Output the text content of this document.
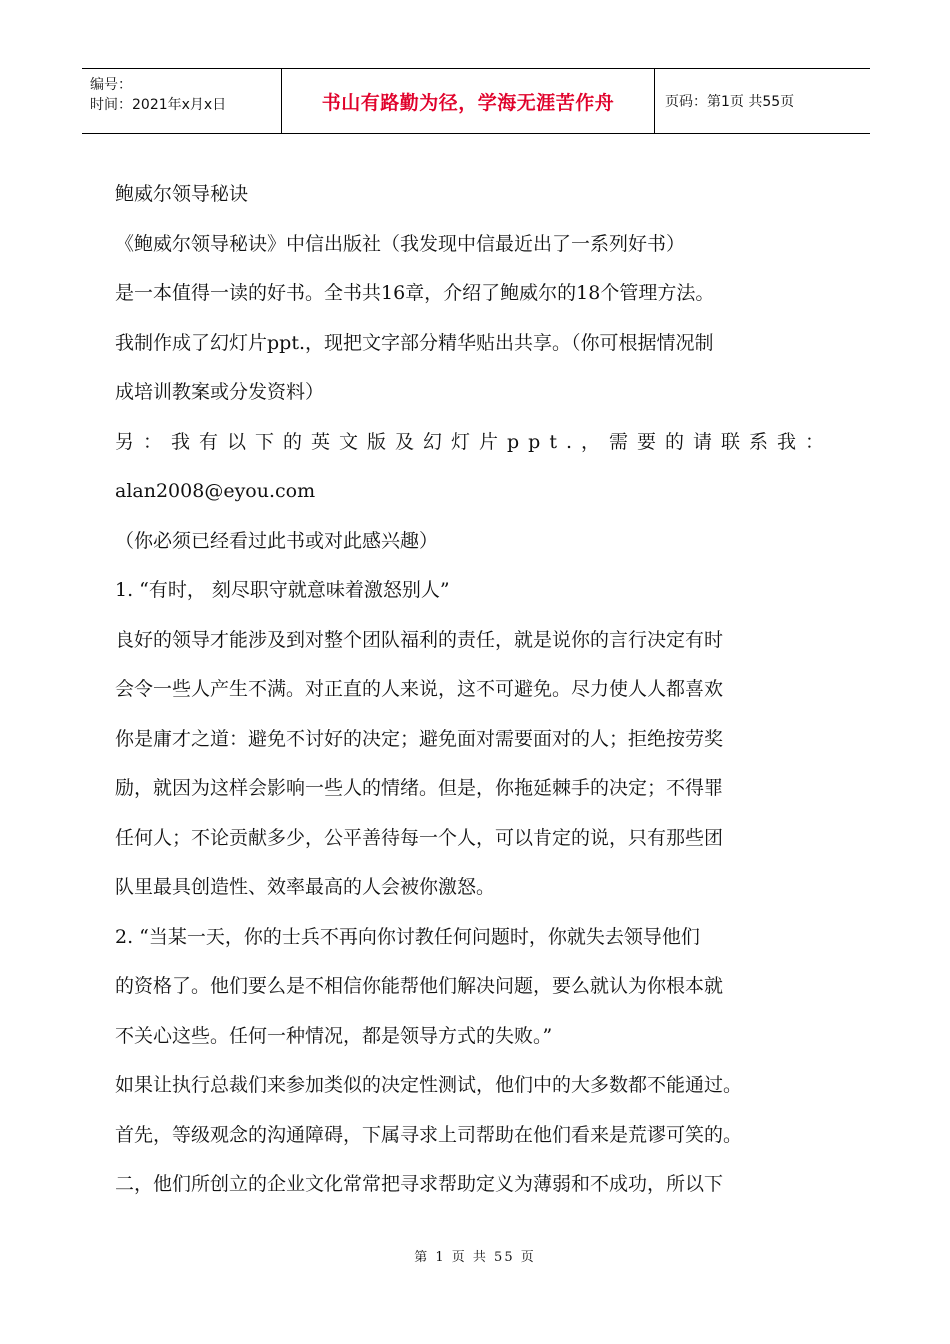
编号：
时间：2021年x月x日	书山有路勤为径，学海无涯苦作舟	页码：第1页 共55页

鲍威尔领导秘诀

《鲍威尔领导秘诀》中信出版社（我发现中信最近出了一系列好书）

是一本值得一读的好书。全书共16章，介绍了鲍威尔的18个管理方法。

我制作成了幻灯片ppt.，现把文字部分精华贴出共享。（你可根据情况制

成培训教案或分发资料）

另：我有以下的英文版及幻灯片ppt.，需要的请联系我：

alan2008@eyou.com

（你必须已经看过此书或对此感兴趣）

1. “有时， 刻尽职守就意味着激怒别人”

良好的领导才能涉及到对整个团队福利的责任，就是说你的言行决定有时

会令一些人产生不满。对正直的人来说，这不可避免。尽力使人人都喜欢

你是庸才之道：避免不讨好的决定；避免面对需要面对的人；拒绝按劳奖

励，就因为这样会影响一些人的情绪。但是，你拖延棘手的决定；不得罪

任何人；不论贡献多少，公平善待每一个人，可以肯定的说，只有那些团

队里最具创造性、效率最高的人会被你激怒。

2. “当某一天，你的士兵不再向你讨教任何问题时，你就失去领导他们

的资格了。他们要么是不相信你能帮他们解决问题，要么就认为你根本就

不关心这些。任何一种情况，都是领导方式的失败。”

如果让执行总裁们来参加类似的决定性测试，他们中的大多数都不能通过。

首先，等级观念的沟通障碍，下属寻求上司帮助在他们看来是荒谬可笑的。

二，他们所创立的企业文化常常把寻求帮助定义为薄弱和不成功，所以下

第 1 页 共 55 页
